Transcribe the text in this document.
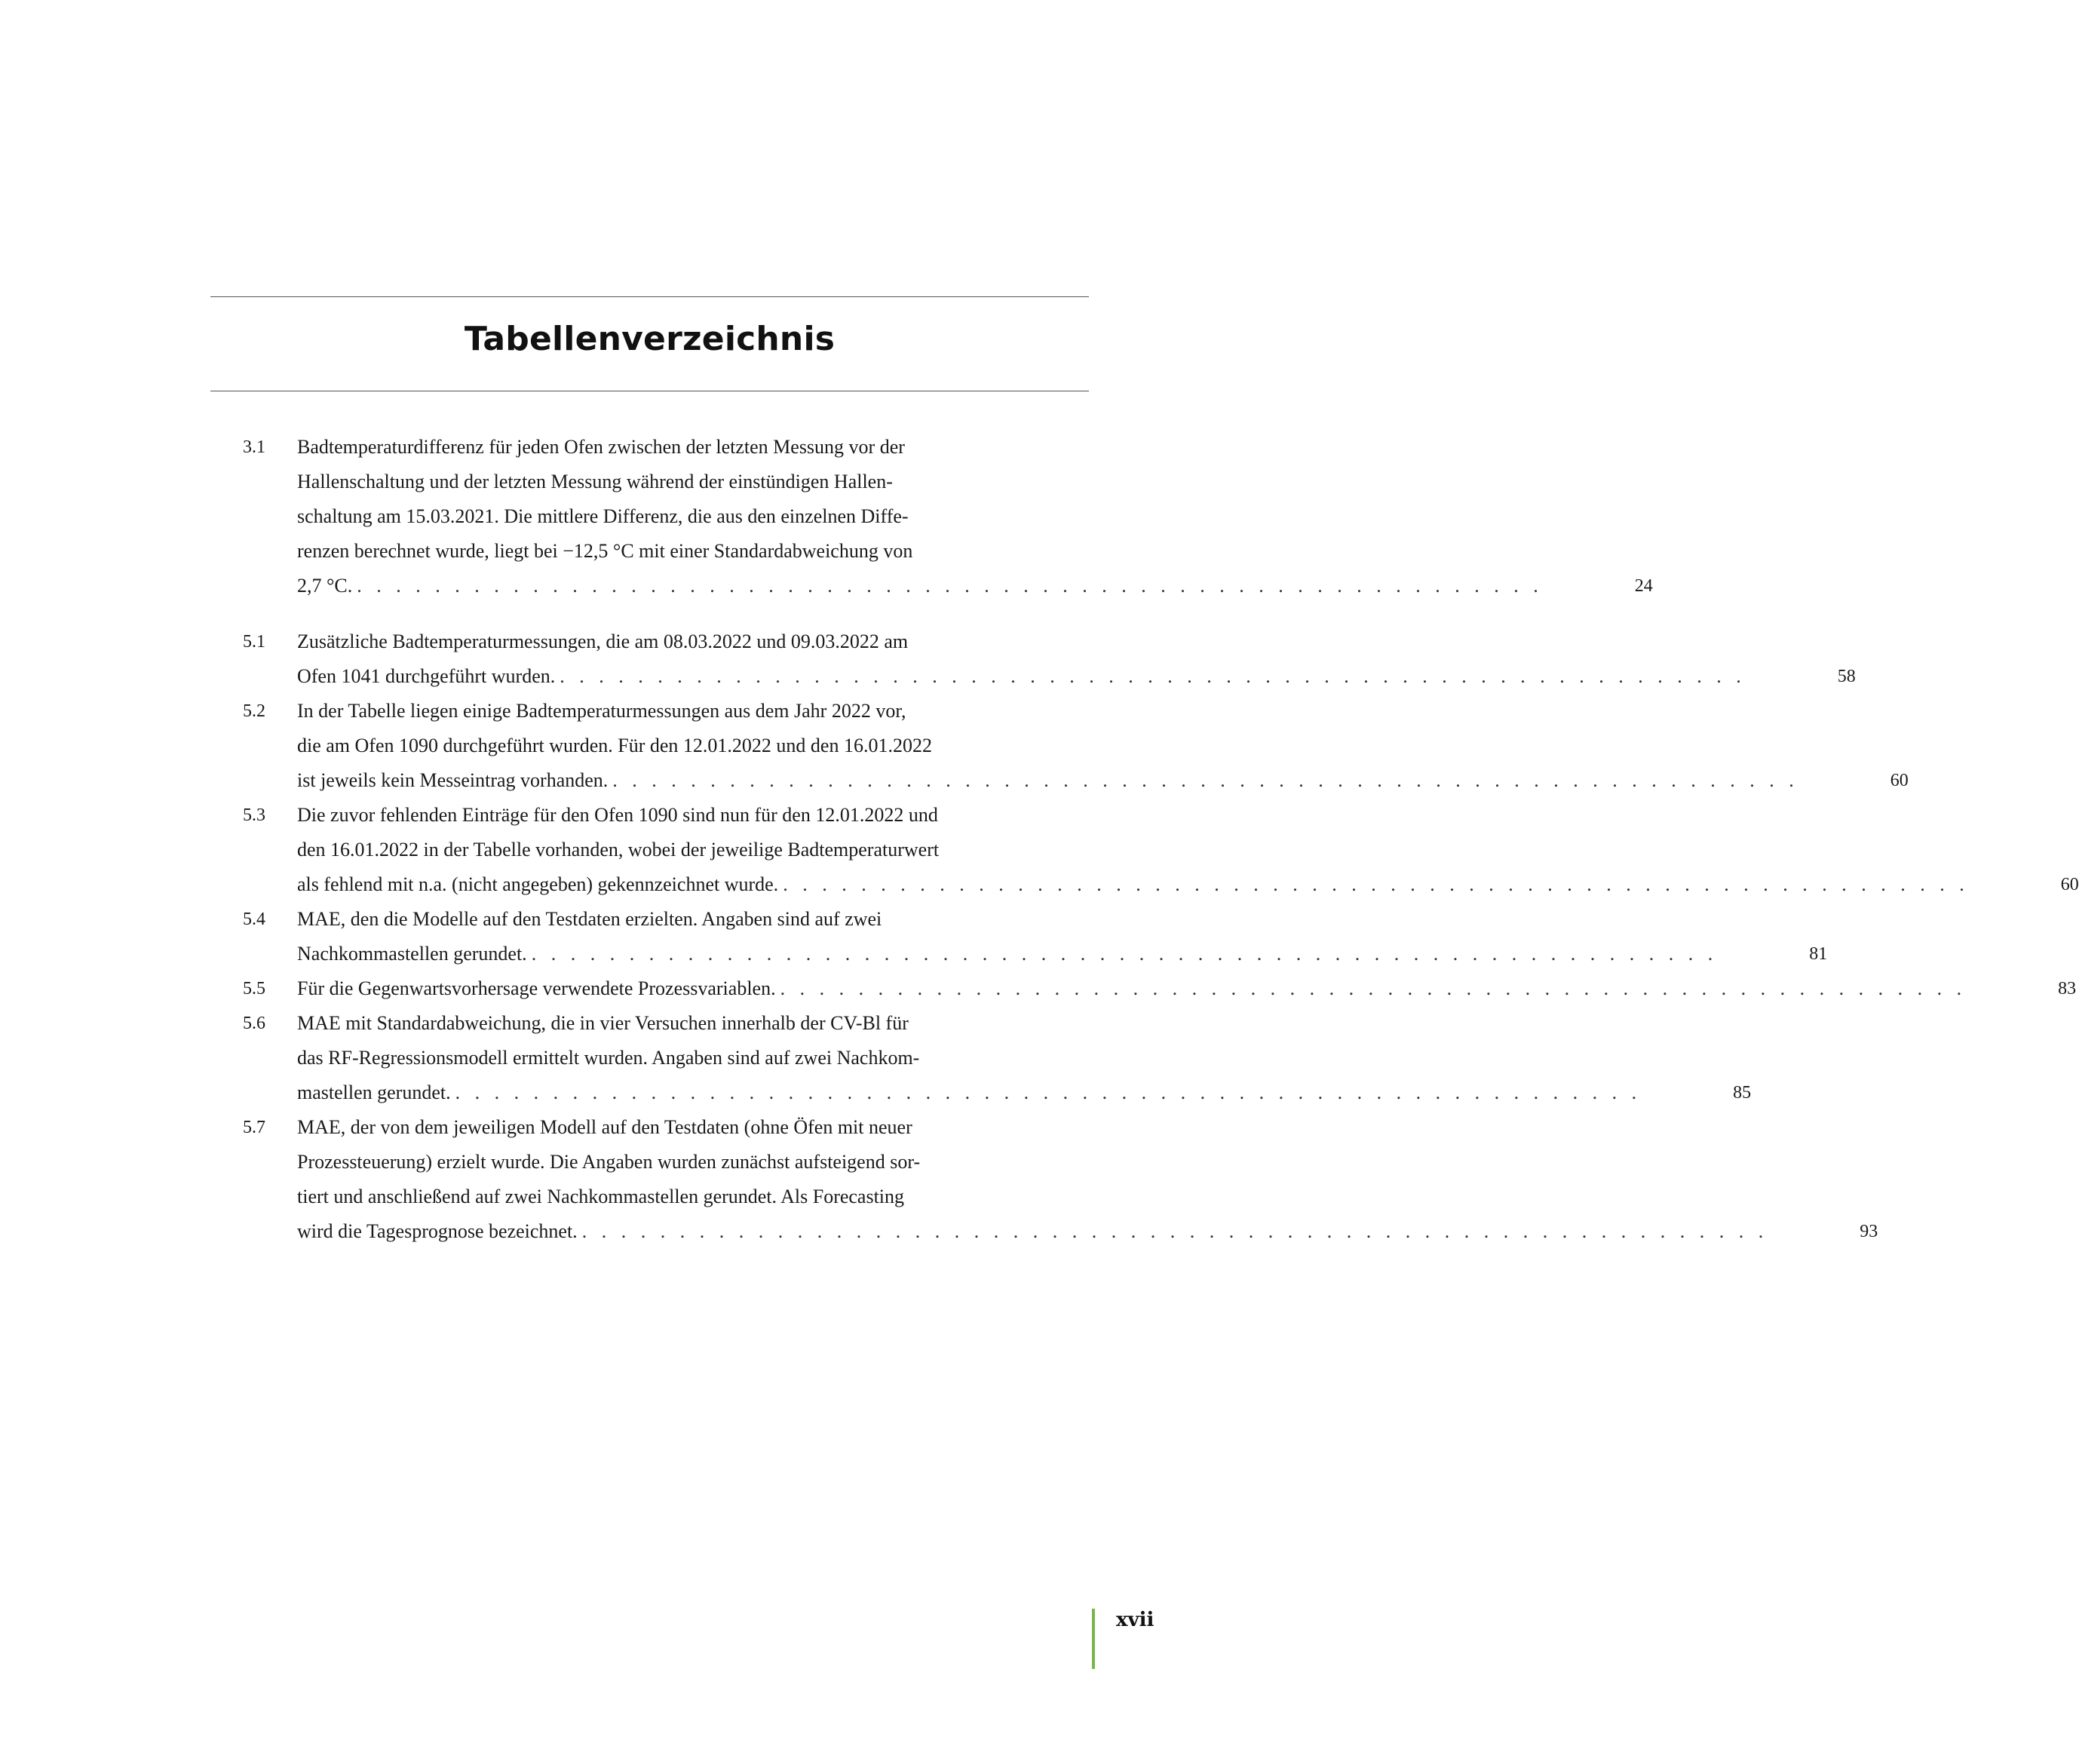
Tabellenverzeichnis
3.1	Badtemperaturdifferenz für jeden Ofen zwischen der letzten Messung vor der
Hallenschaltung und der letzten Messung während der einstündigen Hallen-
schaltung am 15.03.2021. Die mittlere Differenz, die aus den einzelnen Diffe-
renzen berechnet wurde, liegt bei −12,5 °C mit einer Standardabweichung von
2,7 °C. . .	24
5.1	Zusätzliche Badtemperaturmessungen, die am 08.03.2022 und 09.03.2022 am
Ofen 1041 durchgeführt wurden. . .	58
5.2	In der Tabelle liegen einige Badtemperaturmessungen aus dem Jahr 2022 vor,
die am Ofen 1090 durchgeführt wurden. Für den 12.01.2022 und den 16.01.2022
ist jeweils kein Messeintrag vorhanden. . .	60
5.3	Die zuvor fehlenden Einträge für den Ofen 1090 sind nun für den 12.01.2022 und
den 16.01.2022 in der Tabelle vorhanden, wobei der jeweilige Badtemperaturwert
als fehlend mit n.a. (nicht angegeben) gekennzeichnet wurde. . .	60
5.4	MAE, den die Modelle auf den Testdaten erzielten. Angaben sind auf zwei
Nachkommastellen gerundet. . .	81
5.5	Für die Gegenwartsvorhersage verwendete Prozessvariablen. . .	83
5.6	MAE mit Standardabweichung, die in vier Versuchen innerhalb der CV-Bl für
das RF-Regressionsmodell ermittelt wurden. Angaben sind auf zwei Nachkom-
mastellen gerundet. . .	85
5.7	MAE, der von dem jeweiligen Modell auf den Testdaten (ohne Öfen mit neuer
Prozessteuerung) erzielt wurde. Die Angaben wurden zunächst aufsteigend sor-
tiert und anschließend auf zwei Nachkommastellen gerundet. Als Forecasting
wird die Tagesprognose bezeichnet. . .	93
xvii
